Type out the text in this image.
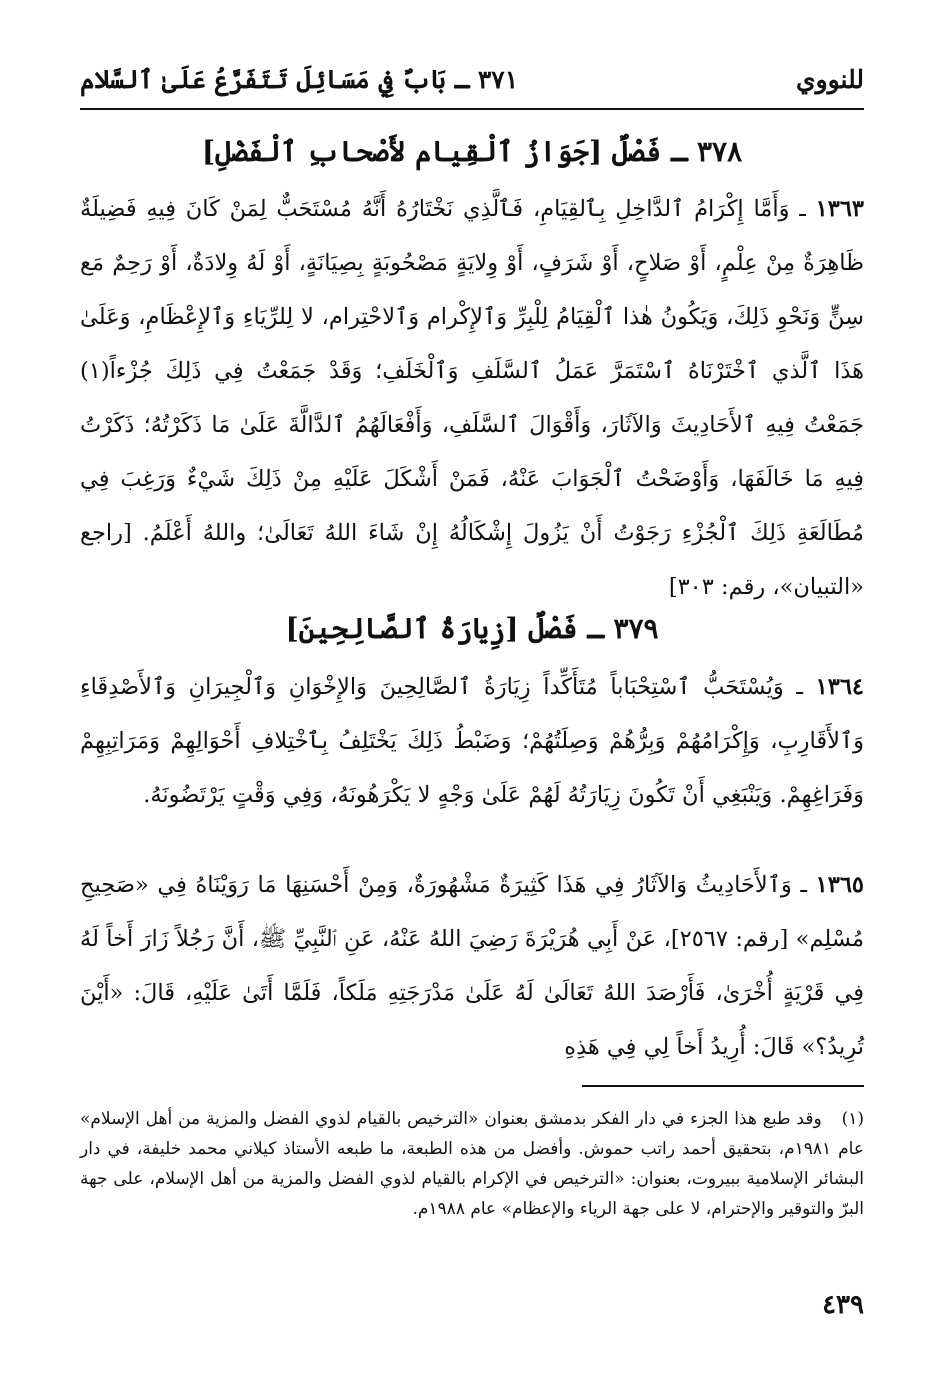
للنووي
٣٧١ ـ بَابٌ فِي مَسَائِلَ تَتَفَرَّعُ عَلَىٰ ٱلسَّلام
٣٧٨ ـ فَصْلٌ [جَوَازُ ٱلْقِيام لأَصْحابِ ٱلْفَضْلِ]
١٣٦٣ ـ وَأَمَّا إِكْرَامُ ٱلدَّاخِلِ بِٱلقِيَامِ، فَٱلَّذِي نَخْتَارُهُ أَنَّهُ مُسْتَحَبٌّ لِمَنْ كَانَ فِيهِ فَضِيلَةٌ ظَاهِرَةٌ مِنْ عِلْمٍ، أَوْ صَلاحٍ، أَوْ شَرَفٍ، أَوْ وِلايَةٍ مَصْحُوبَةٍ بِصِيَانَةٍ، أَوْ لَهُ وِلادَةٌ، أَوْ رَحِمٌ مَع سِنٍّ وَنَحْوِ ذَلِكَ، وَيَكُونُ هٰذا ٱلْقِيَامُ لِلْبِرِّ وَٱلإِكْرام وَٱلاحْتِرام، لا لِلرِّيَاءِ وَٱلإِعْظَامِ، وَعَلَىٰ هَذَا ٱلَّذي ٱخْتَرْنَاهُ ٱسْتَمَرَّ عَمَلُ ٱلسَّلَفِ وَٱلْخَلَفِ؛ وَقَدْ جَمَعْتُ فِي ذَلِكَ جُزْءاً(١) جَمَعْتُ فِيهِ ٱلأَحَادِيثَ وَالآثَارَ، وَأَقْوَالَ ٱلسَّلَفِ، وَأَفْعَالَهُمُ ٱلدَّالَّةَ عَلَىٰ مَا ذَكَرْتُهُ؛ ذَكَرْتُ فِيهِ مَا خَالَفَهَا، وَأَوْضَحْتُ ٱلْجَوَابَ عَنْهُ، فَمَنْ أَشْكَلَ عَلَيْهِ مِنْ ذَلِكَ شَيْءٌ وَرَغِبَ فِي مُطَالَعَةِ ذَلِكَ ٱلْجُزْءِ رَجَوْتُ أَنْ يَزُولَ إِشْكَالُهُ إِنْ شَاءَ اللهُ تَعَالَىٰ؛ واللهُ أَعْلَمُ. [راجع «التبيان»، رقم: ٣٠٣]
٣٧٩ ـ فَصْلٌ [زِيارَةُ ٱلصَّالِحِينَ]
١٣٦٤ ـ وَيُسْتَحَبُّ ٱسْتِحْبَاباً مُتَأَكِّداً زِيَارَةُ ٱلصَّالِحِينَ وَالإِخْوَانِ وَٱلْجِيرَانِ وَٱلأَصْدِقَاءِ وَٱلأَقَارِبِ، وَإِكْرَامُهُمْ وَبِرُّهُمْ وَصِلَتُهُمْ؛ وَضَبْطُ ذَلِكَ يَخْتَلِفُ بِٱخْتِلافِ أَحْوَالِهِمْ وَمَرَاتِبِهِمْ وَفَرَاغِهِمْ. وَيَنْبَغِي أَنْ تَكُونَ زِيَارَتُهُ لَهُمْ عَلَىٰ وَجْهٍ لا يَكْرَهُونَهُ، وَفِي وَقْتٍ يَرْتَضُونَهُ.
١٣٦٥ ـ وَٱلأَحَادِيثُ وَالآثَارُ فِي هَذَا كَثِيرَةٌ مَشْهُورَةٌ، وَمِنْ أَحْسَنِهَا مَا رَوَيْنَاهُ فِي «صَحِيحِ مُسْلِم» [رقم: ٢٥٦٧]، عَنْ أَبِي هُرَيْرَةَ رَضِيَ اللهُ عَنْهُ، عَنِ ٱلنَّبِيِّ ﷺ، أَنَّ رَجُلاً زَارَ أَخاً لَهُ فِي قَرْيَةٍ أُخْرَىٰ، فَأَرْصَدَ اللهُ تَعَالَىٰ لَهُ عَلَىٰ مَدْرَجَتِهِ مَلَكاً، فَلَمَّا أَتَىٰ عَلَيْهِ، قَالَ: «أَيْنَ تُرِيدُ؟» قَالَ: أُرِيدُ أَخاً لِي فِي هَذِهِ
(١) وقد طبع هذا الجزء في دار الفكر بدمشق بعنوان «الترخيص بالقيام لذوي الفضل والمزية من أهل الإسلام» عام ١٩٨١م، بتحقيق أحمد راتب حموش. وأفضل من هذه الطبعة، ما طبعه الأستاذ كيلاني محمد خليفة، في دار البشائر الإسلامية ببيروت، بعنوان: «الترخيص في الإكرام بالقيام لذوي الفضل والمزية من أهل الإسلام، على جهة البرّ والتوقير والإحترام، لا على جهة الرياء والإعظام» عام ١٩٨٨م.
٤٣٩
